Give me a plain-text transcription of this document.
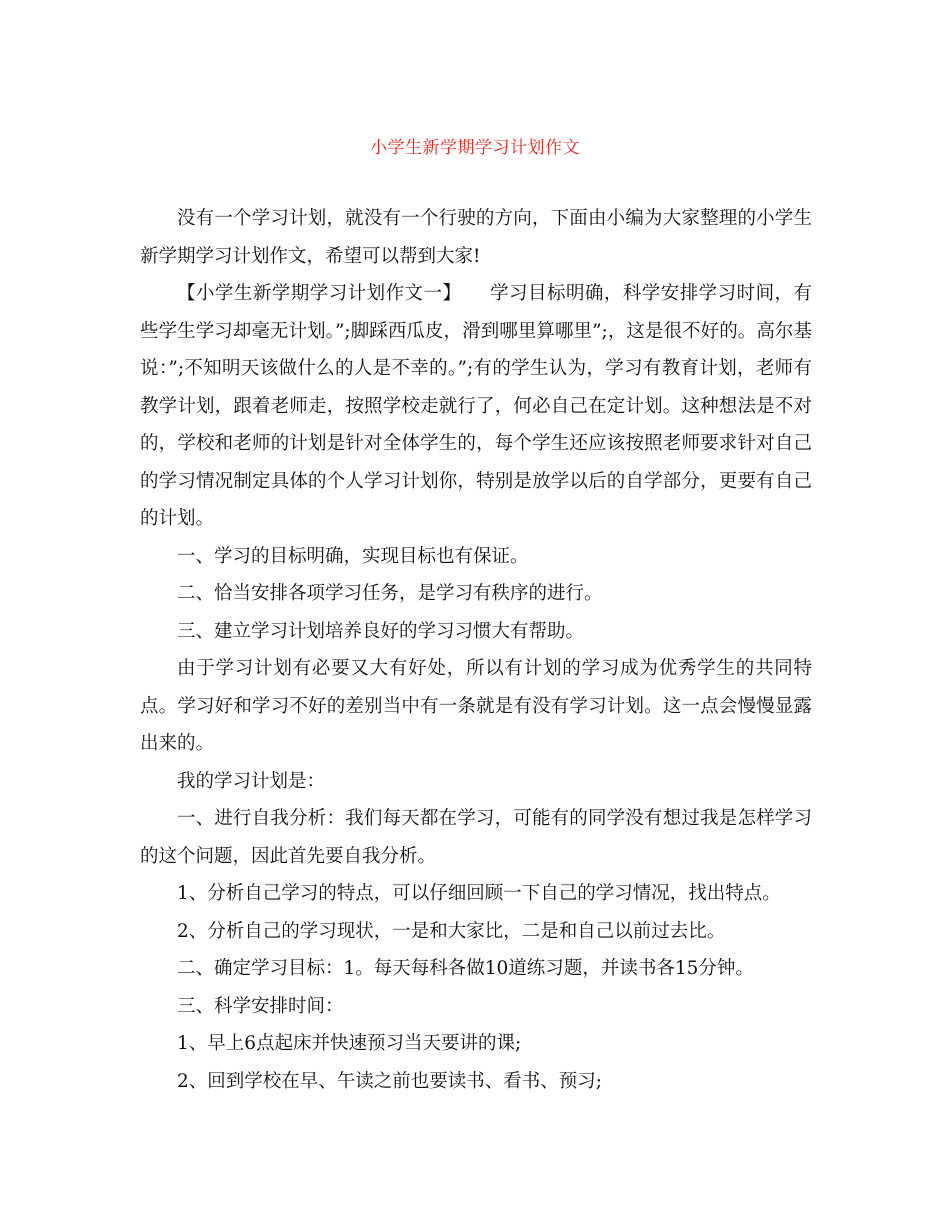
小学生新学期学习计划作文

没有一个学习计划，就没有一个行驶的方向，下面由小编为大家整理的小学生新学期学习计划作文，希望可以帮到大家!

【小学生新学期学习计划作文一】　　学习目标明确，科学安排学习时间，有些学生学习却毫无计划。”;脚踩西瓜皮，滑到哪里算哪里”;，这是很不好的。高尔基说：”;不知明天该做什么的人是不幸的。”;有的学生认为，学习有教育计划，老师有教学计划，跟着老师走，按照学校走就行了，何必自己在定计划。这种想法是不对的，学校和老师的计划是针对全体学生的，每个学生还应该按照老师要求针对自己的学习情况制定具体的个人学习计划你，特别是放学以后的自学部分，更要有自己的计划。

一、学习的目标明确，实现目标也有保证。

二、恰当安排各项学习任务，是学习有秩序的进行。

三、建立学习计划培养良好的学习习惯大有帮助。

由于学习计划有必要又大有好处，所以有计划的学习成为优秀学生的共同特点。学习好和学习不好的差别当中有一条就是有没有学习计划。这一点会慢慢显露出来的。

我的学习计划是：

一、进行自我分析：我们每天都在学习，可能有的同学没有想过我是怎样学习的这个问题，因此首先要自我分析。

1、分析自己学习的特点，可以仔细回顾一下自己的学习情况，找出特点。

2、分析自己的学习现状，一是和大家比，二是和自己以前过去比。

二、确定学习目标：1。每天每科各做10道练习题，并读书各15分钟。

三、科学安排时间：

1、早上6点起床并快速预习当天要讲的课;

2、回到学校在早、午读之前也要读书、看书、预习;
